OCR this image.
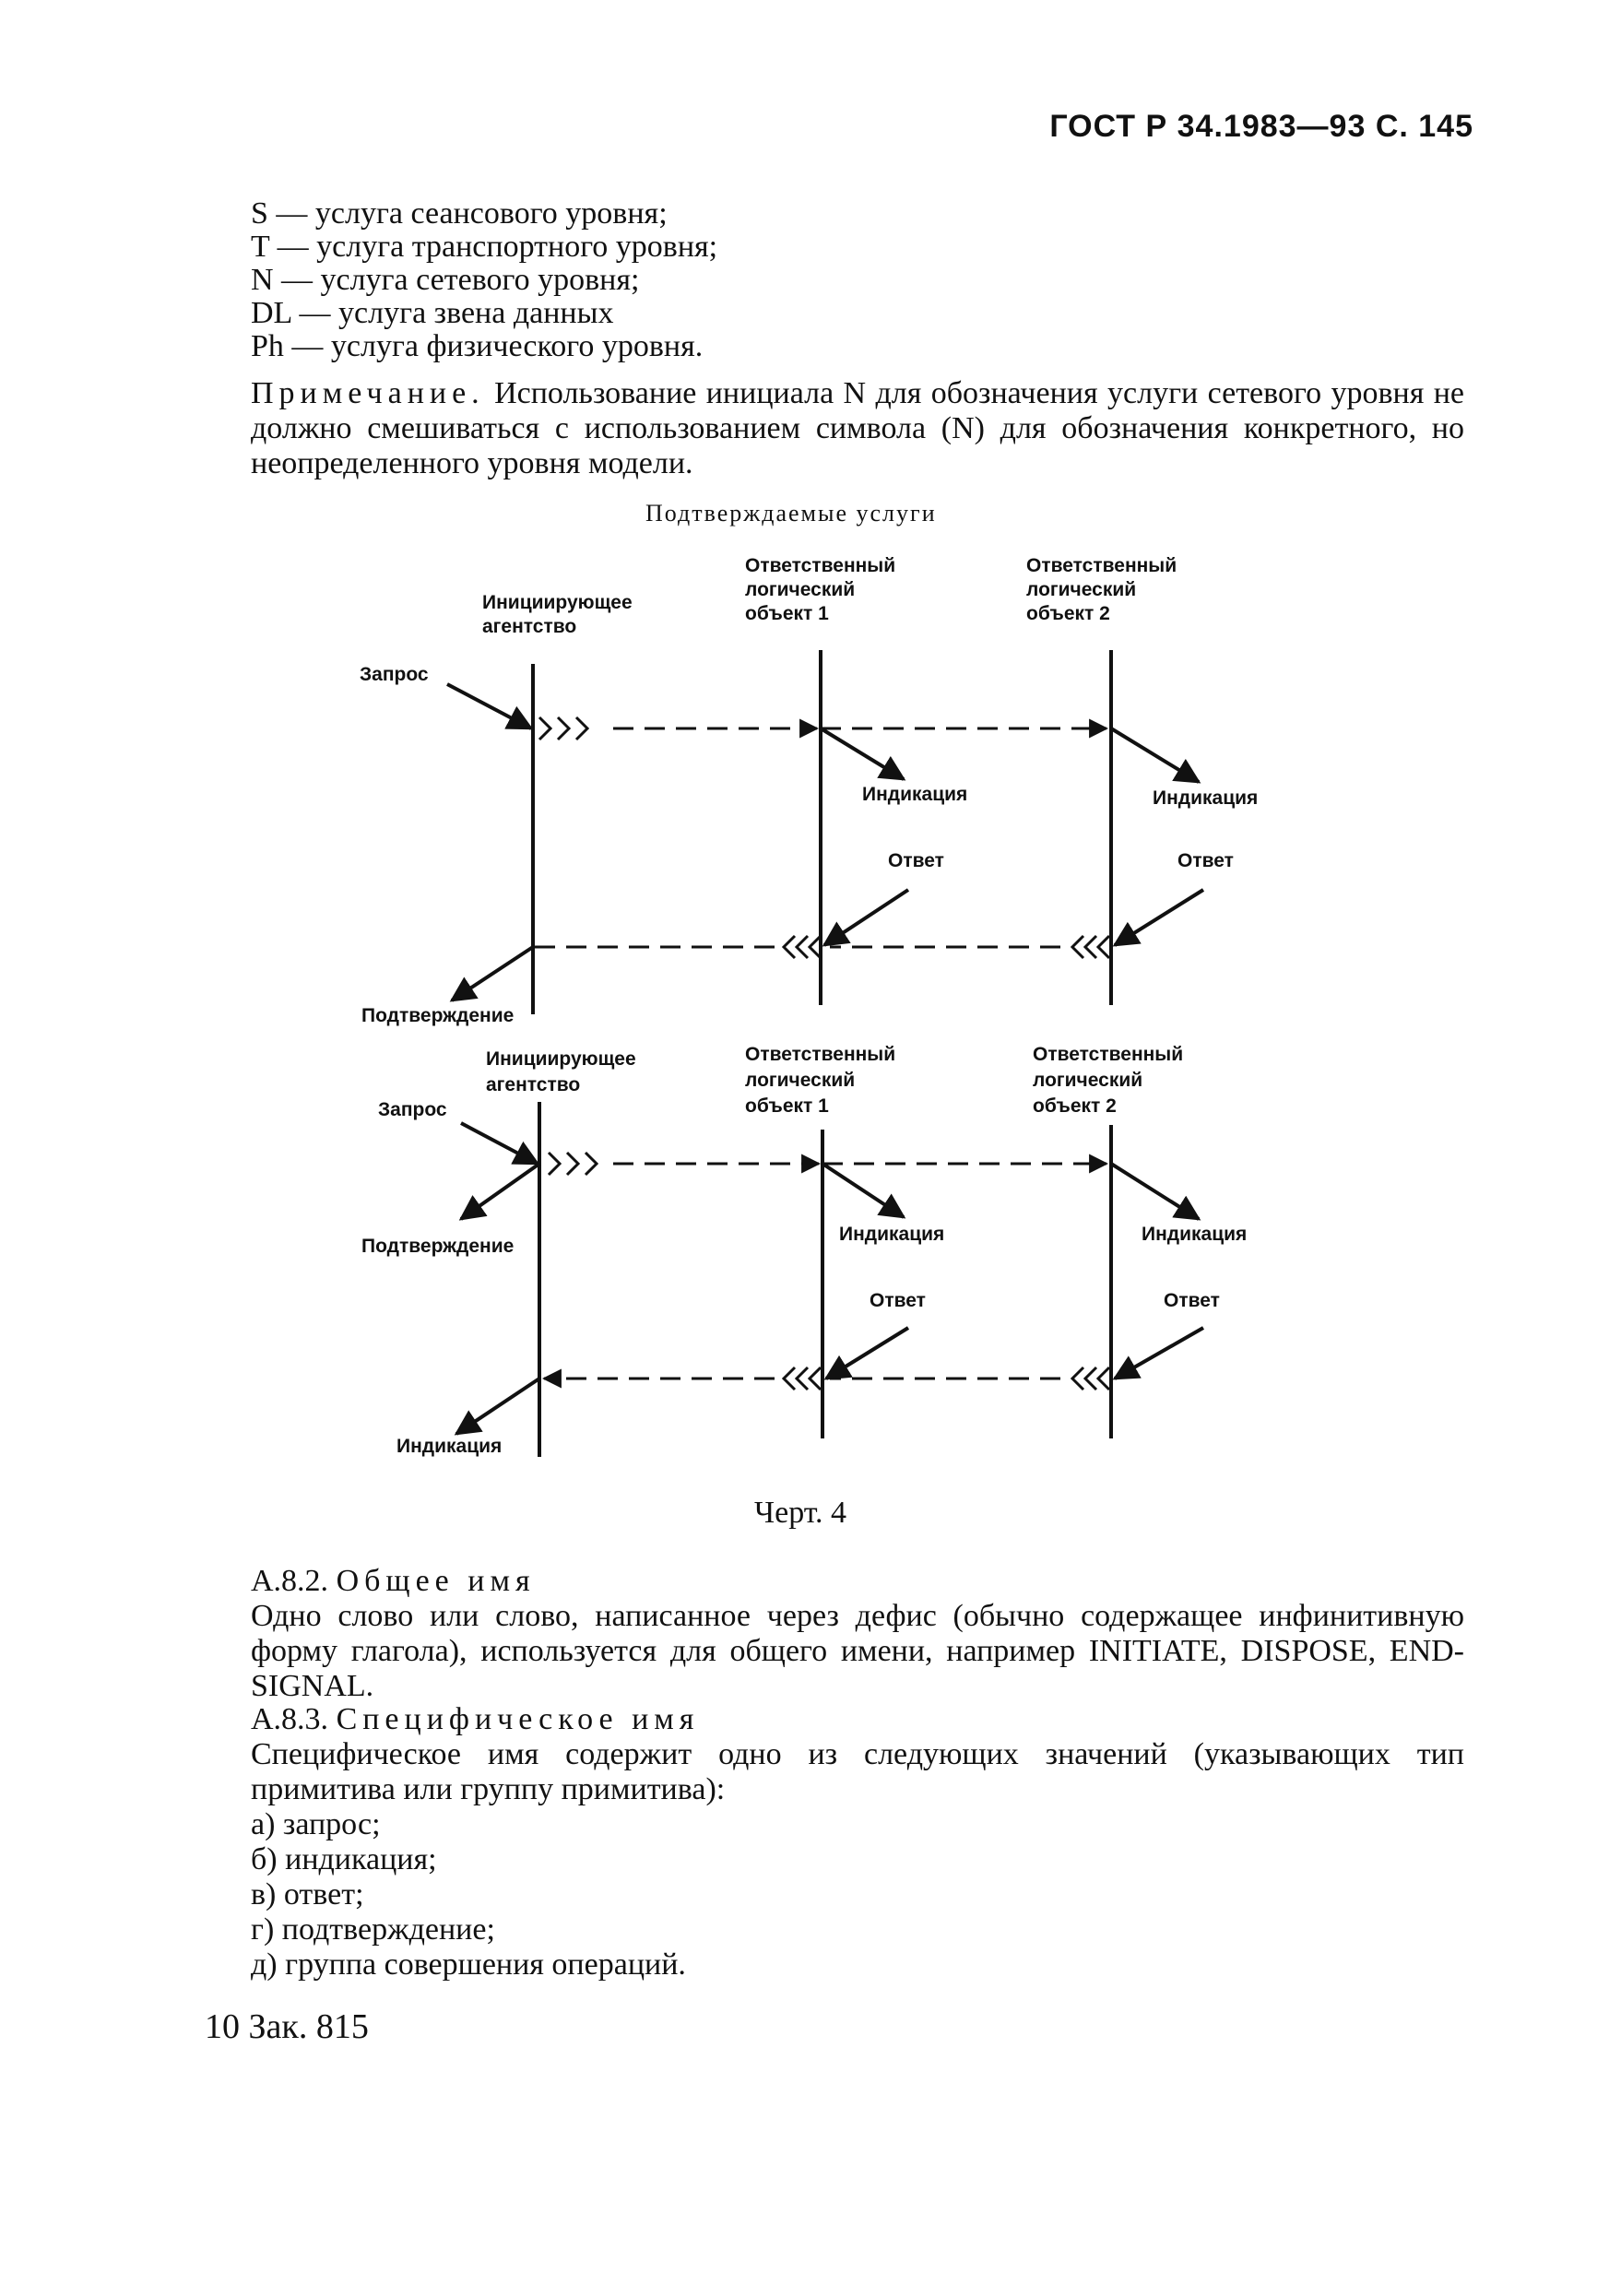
ГОСТ Р 34.1983—93 С. 145
S — услуга сеансового уровня;
T — услуга транспортного уровня;
N — услуга сетевого уровня;
DL — услуга звена данных
Ph — услуга физического уровня.
Примечание. Использование инициала N для обозначения услуги сетевого уровня не должно смешиваться с использованием символа (N) для обозначения конкретного, но неопределенного уровня модели.
Подтверждаемые услуги
Инициирующее
агентство
Ответственный
логический
объект 1
Ответственный
логический
объект 2
Запрос
Индикация	Индикация
Ответ	Ответ
Подтверждение
Инициирующее
агентство
Ответственный
логический
объект 1
Ответственный
логический
объект 2
Запрос
Подтверждение
Индикация	Индикация
Ответ	Ответ
Индикация
Черт. 4
А.8.2. Общее имя
Одно слово или слово, написанное через дефис (обычно содержащее инфинитивную форму глагола), используется для общего имени, например INITIATE, DISPOSE, END-SIGNAL.
А.8.3. Специфическое имя
Специфическое имя содержит одно из следующих значений (указывающих тип примитива или группу примитива):
а) запрос;
б) индикация;
в) ответ;
г) подтверждение;
д) группа совершения операций.
10 Зак. 815
